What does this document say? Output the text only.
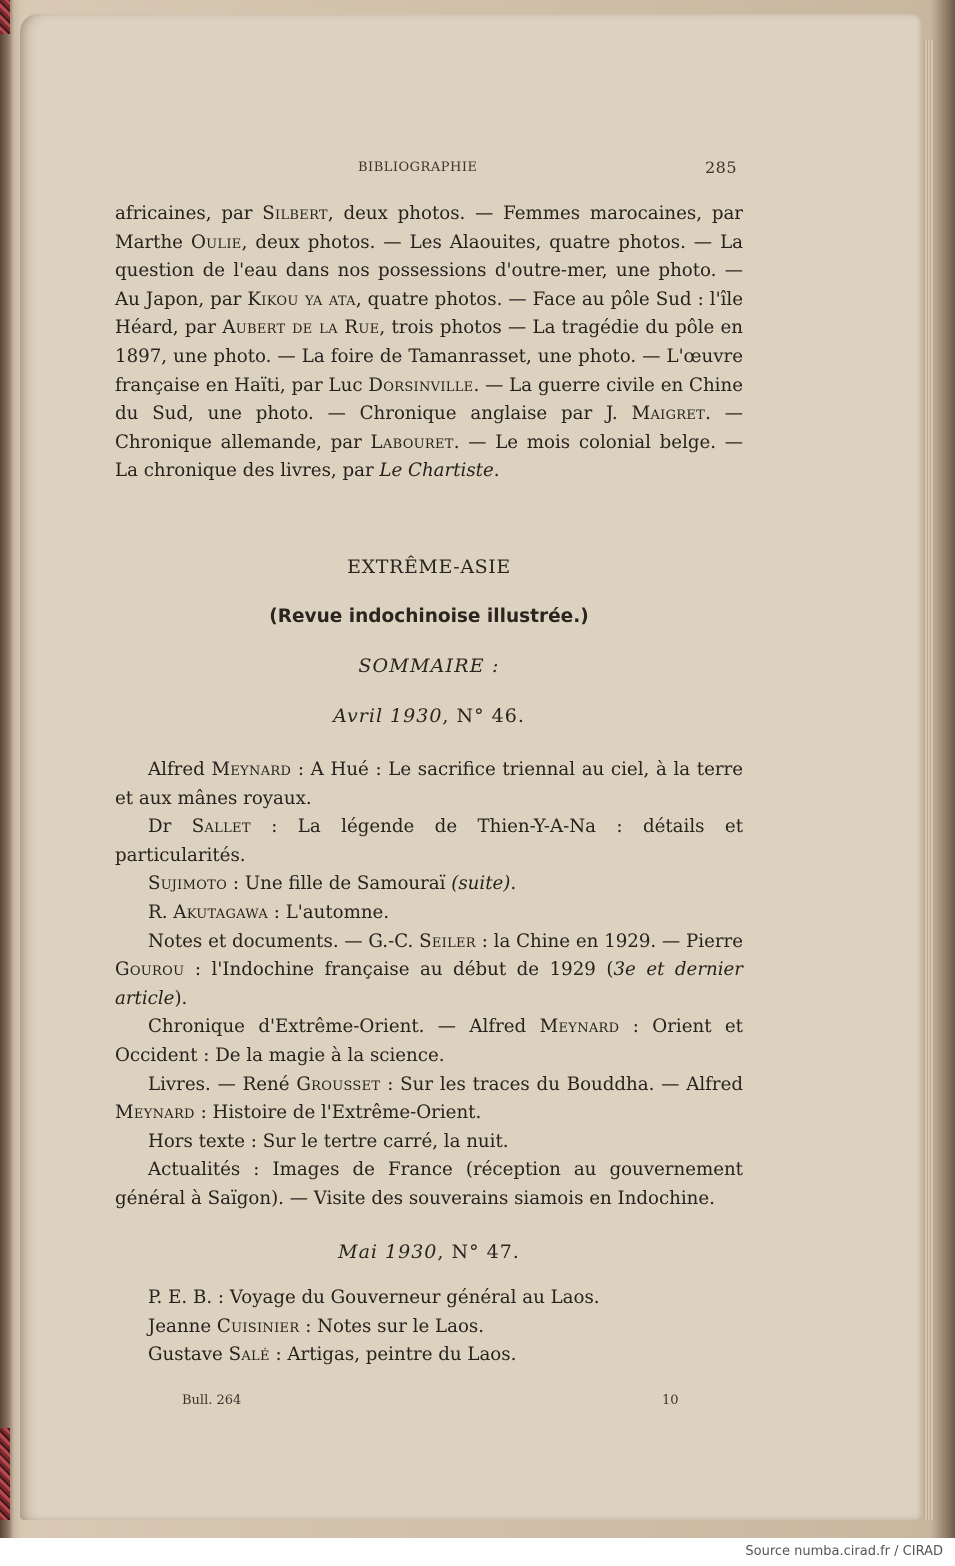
BIBLIOGRAPHIE	285

africaines, par Silbert, deux photos. — Femmes marocaines, par Marthe Oulie, deux photos. — Les Alaouites, quatre photos. — La question de l'eau dans nos possessions d'outre-mer, une photo. — Au Japon, par Kikou ya ata, quatre photos. — Face au pôle Sud : l'île Héard, par Aubert de la Rue, trois photos — La tragédie du pôle en 1897, une photo. — La foire de Tamanrasset, une photo. — L'œuvre française en Haïti, par Luc Dorsinville. — La guerre civile en Chine du Sud, une photo. — Chronique anglaise par J. Maigret. — Chronique allemande, par Labouret. — Le mois colonial belge. — La chronique des livres, par Le Chartiste.

EXTRÊME-ASIE
(Revue indochinoise illustrée.)
SOMMAIRE :
Avril 1930, N° 46.

Alfred Meynard : A Hué : Le sacrifice triennal au ciel, à la terre et aux mânes royaux.

Dr Sallet : La légende de Thien-Y-A-Na : détails et particularités.

Sujimoto : Une fille de Samouraï (suite).

R. Akutagawa : L'automne.

Notes et documents. — G.-C. Seiler : la Chine en 1929. — Pierre Gourou : l'Indochine française au début de 1929 (3e et dernier article).

Chronique d'Extrême-Orient. — Alfred Meynard : Orient et Occident : De la magie à la science.

Livres. — René Grousset : Sur les traces du Bouddha. — Alfred Meynard : Histoire de l'Extrême-Orient.

Hors texte : Sur le tertre carré, la nuit.

Actualités : Images de France (réception au gouvernement général à Saïgon). — Visite des souverains siamois en Indochine.

Mai 1930, N° 47.

P. E. B. : Voyage du Gouverneur général au Laos.

Jeanne Cuisinier : Notes sur le Laos.

Gustave Salé : Artigas, peintre du Laos.

Bull. 264	10
Source numba.cirad.fr / CIRAD
